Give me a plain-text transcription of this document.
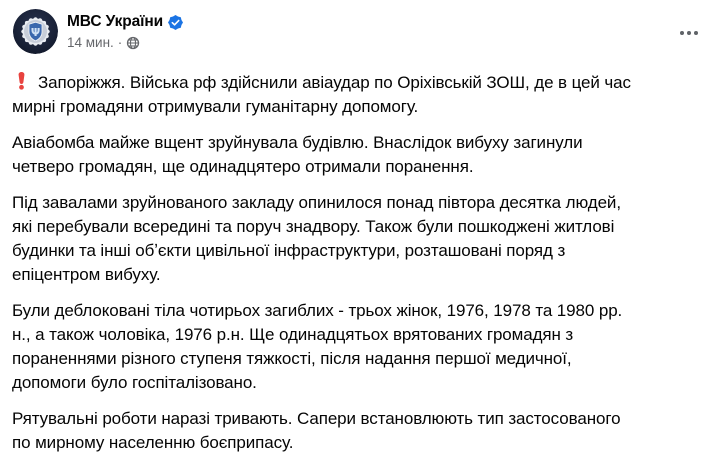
Ψ
МВС України
14 мин. ·

Запоріжжя. Війська рф здійснили авіаудар по Оріхівській ЗОШ, де в цей час мирні громадяни отримували гуманітарну допомогу.

Авіабомба майже вщент зруйнувала будівлю. Внаслідок вибуху загинули четверо громадян, ще одинадцятеро отримали поранення.

Під завалами зруйнованого закладу опинилося понад півтора десятка людей, які перебували всередині та поруч знадвору. Також були пошкоджені житлові будинки та інші обʼєкти цивільної інфраструктури, розташовані поряд з епіцентром вибуху.

Були деблоковані тіла чотирьох загиблих - трьох жінок, 1976, 1978 та 1980 рр. н., а також чоловіка, 1976 р.н. Ще одинадцятьох врятованих громадян з пораненнями різного ступеня тяжкості, після надання першої медичної, допомоги було госпіталізовано.

Рятувальні роботи наразі тривають. Сапери встановлюють тип застосованого по мирному населенню боєприпасу.
